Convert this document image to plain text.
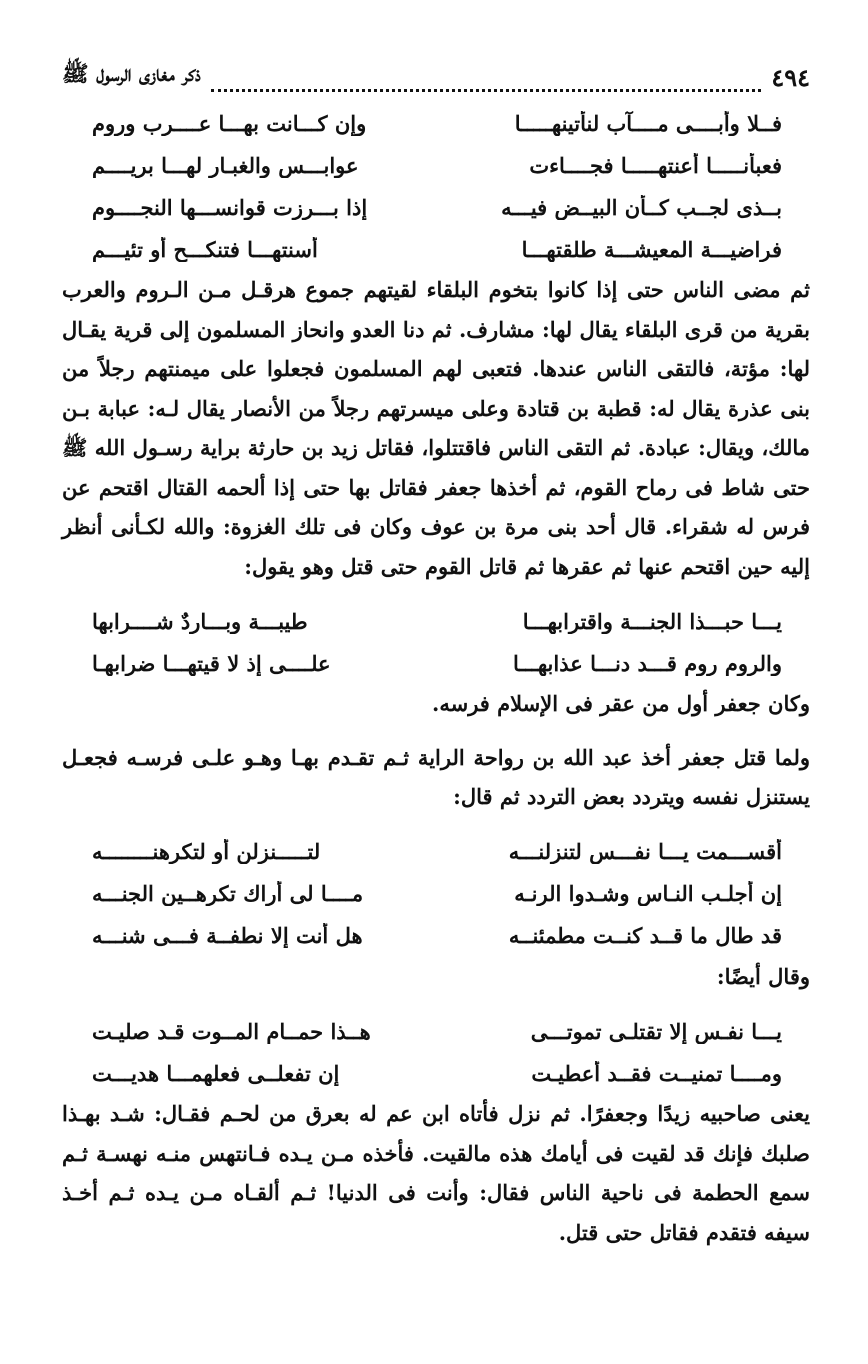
٤٩٤
ذكر مغازى الرسول ﷺ
فــلا وأبــــى مــــآب لنأتينهـــــا
وإن كـــانت بهـــا عــــرب وروم
فعبأنـــــا أعنتهـــــا فجــــاءت
عوابـــس والغبـار لهـــا بريــــم
بــذى لجــب كــأن البيــض فيـــه
إذا بـــرزت قوانســـها النجــــوم
فراضيـــة المعيشـــة طلقتهـــا
أسنتهـــا فتنكـــح أو تئيـــم

ثم مضى الناس حتى إذا كانوا بتخوم البلقاء لقيتهم جموع هرقـل مـن الـروم والعرب بقرية من قرى البلقاء يقال لها: مشارف. ثم دنا العدو وانحاز المسلمون إلى قرية يقـال لها: مؤتة، فالتقى الناس عندها. فتعبى لهم المسلمون فجعلوا على ميمنتهم رجلاً من بنى عذرة يقال له: قطبة بن قتادة وعلى ميسرتهم رجلاً من الأنصار يقال لـه: عبابة بـن مالك، ويقال: عبادة. ثم التقى الناس فاقتتلوا، فقاتل زيد بن حارثة براية رسـول الله ﷺ حتى شاط فى رماح القوم، ثم أخذها جعفر فقاتل بها حتى إذا ألحمه القتال اقتحم عن فرس له شقراء. قال أحد بنى مرة بن عوف وكان فى تلك الغزوة: والله لكـأنى أنظر إليه حين اقتحم عنها ثم عقرها ثم قاتل القوم حتى قتل وهو يقول:

يـــا حبـــذا الجنـــة واقترابهـــا
طيبـــة وبـــاردٌ شــــرابها
والروم روم قـــد دنـــا عذابهـــا
علــــى إذ لا قيتهـــا ضرابهـا

وكان جعفر أول من عقر فى الإسلام فرسه.

ولما قتل جعفر أخذ عبد الله بن رواحة الراية ثـم تقـدم بهـا وهـو علـى فرسـه فجعـل يستنزل نفسه ويتردد بعض التردد ثم قال:

أقســـمت يـــا نفـــس لتنزلنـــه
لتـــــنزلن أو لتكرهنــــــــه
إن أجلـب النـاس وشـدوا الرنـه
مــــا لى أراك تكرهــين الجنـــه
قد طال ما قــد كنــت مطمئنــه
هل أنت إلا نطفــة فـــى شنـــه

وقال أيضًا:

يـــا نفـس إلا تقتلـى تموتـــى
هــذا حمــام المــوت قـد صليـت
ومــــا تمنيــت فقــد أعطيـت
إن تفعلــى فعلهمـــا هديـــت

يعنى صاحبيه زيدًا وجعفرًا. ثم نزل فأتاه ابن عم له بعرق من لحـم فقـال: شـد بهـذا صلبك فإنك قد لقيت فى أيامك هذه مالقيت. فأخذه مـن يـده فـانتهس منـه نهسـة ثـم سمع الحطمة فى ناحية الناس فقال: وأنت فى الدنيا! ثـم ألقـاه مـن يـده ثـم أخـذ سيفه فتقدم فقاتل حتى قتل.
